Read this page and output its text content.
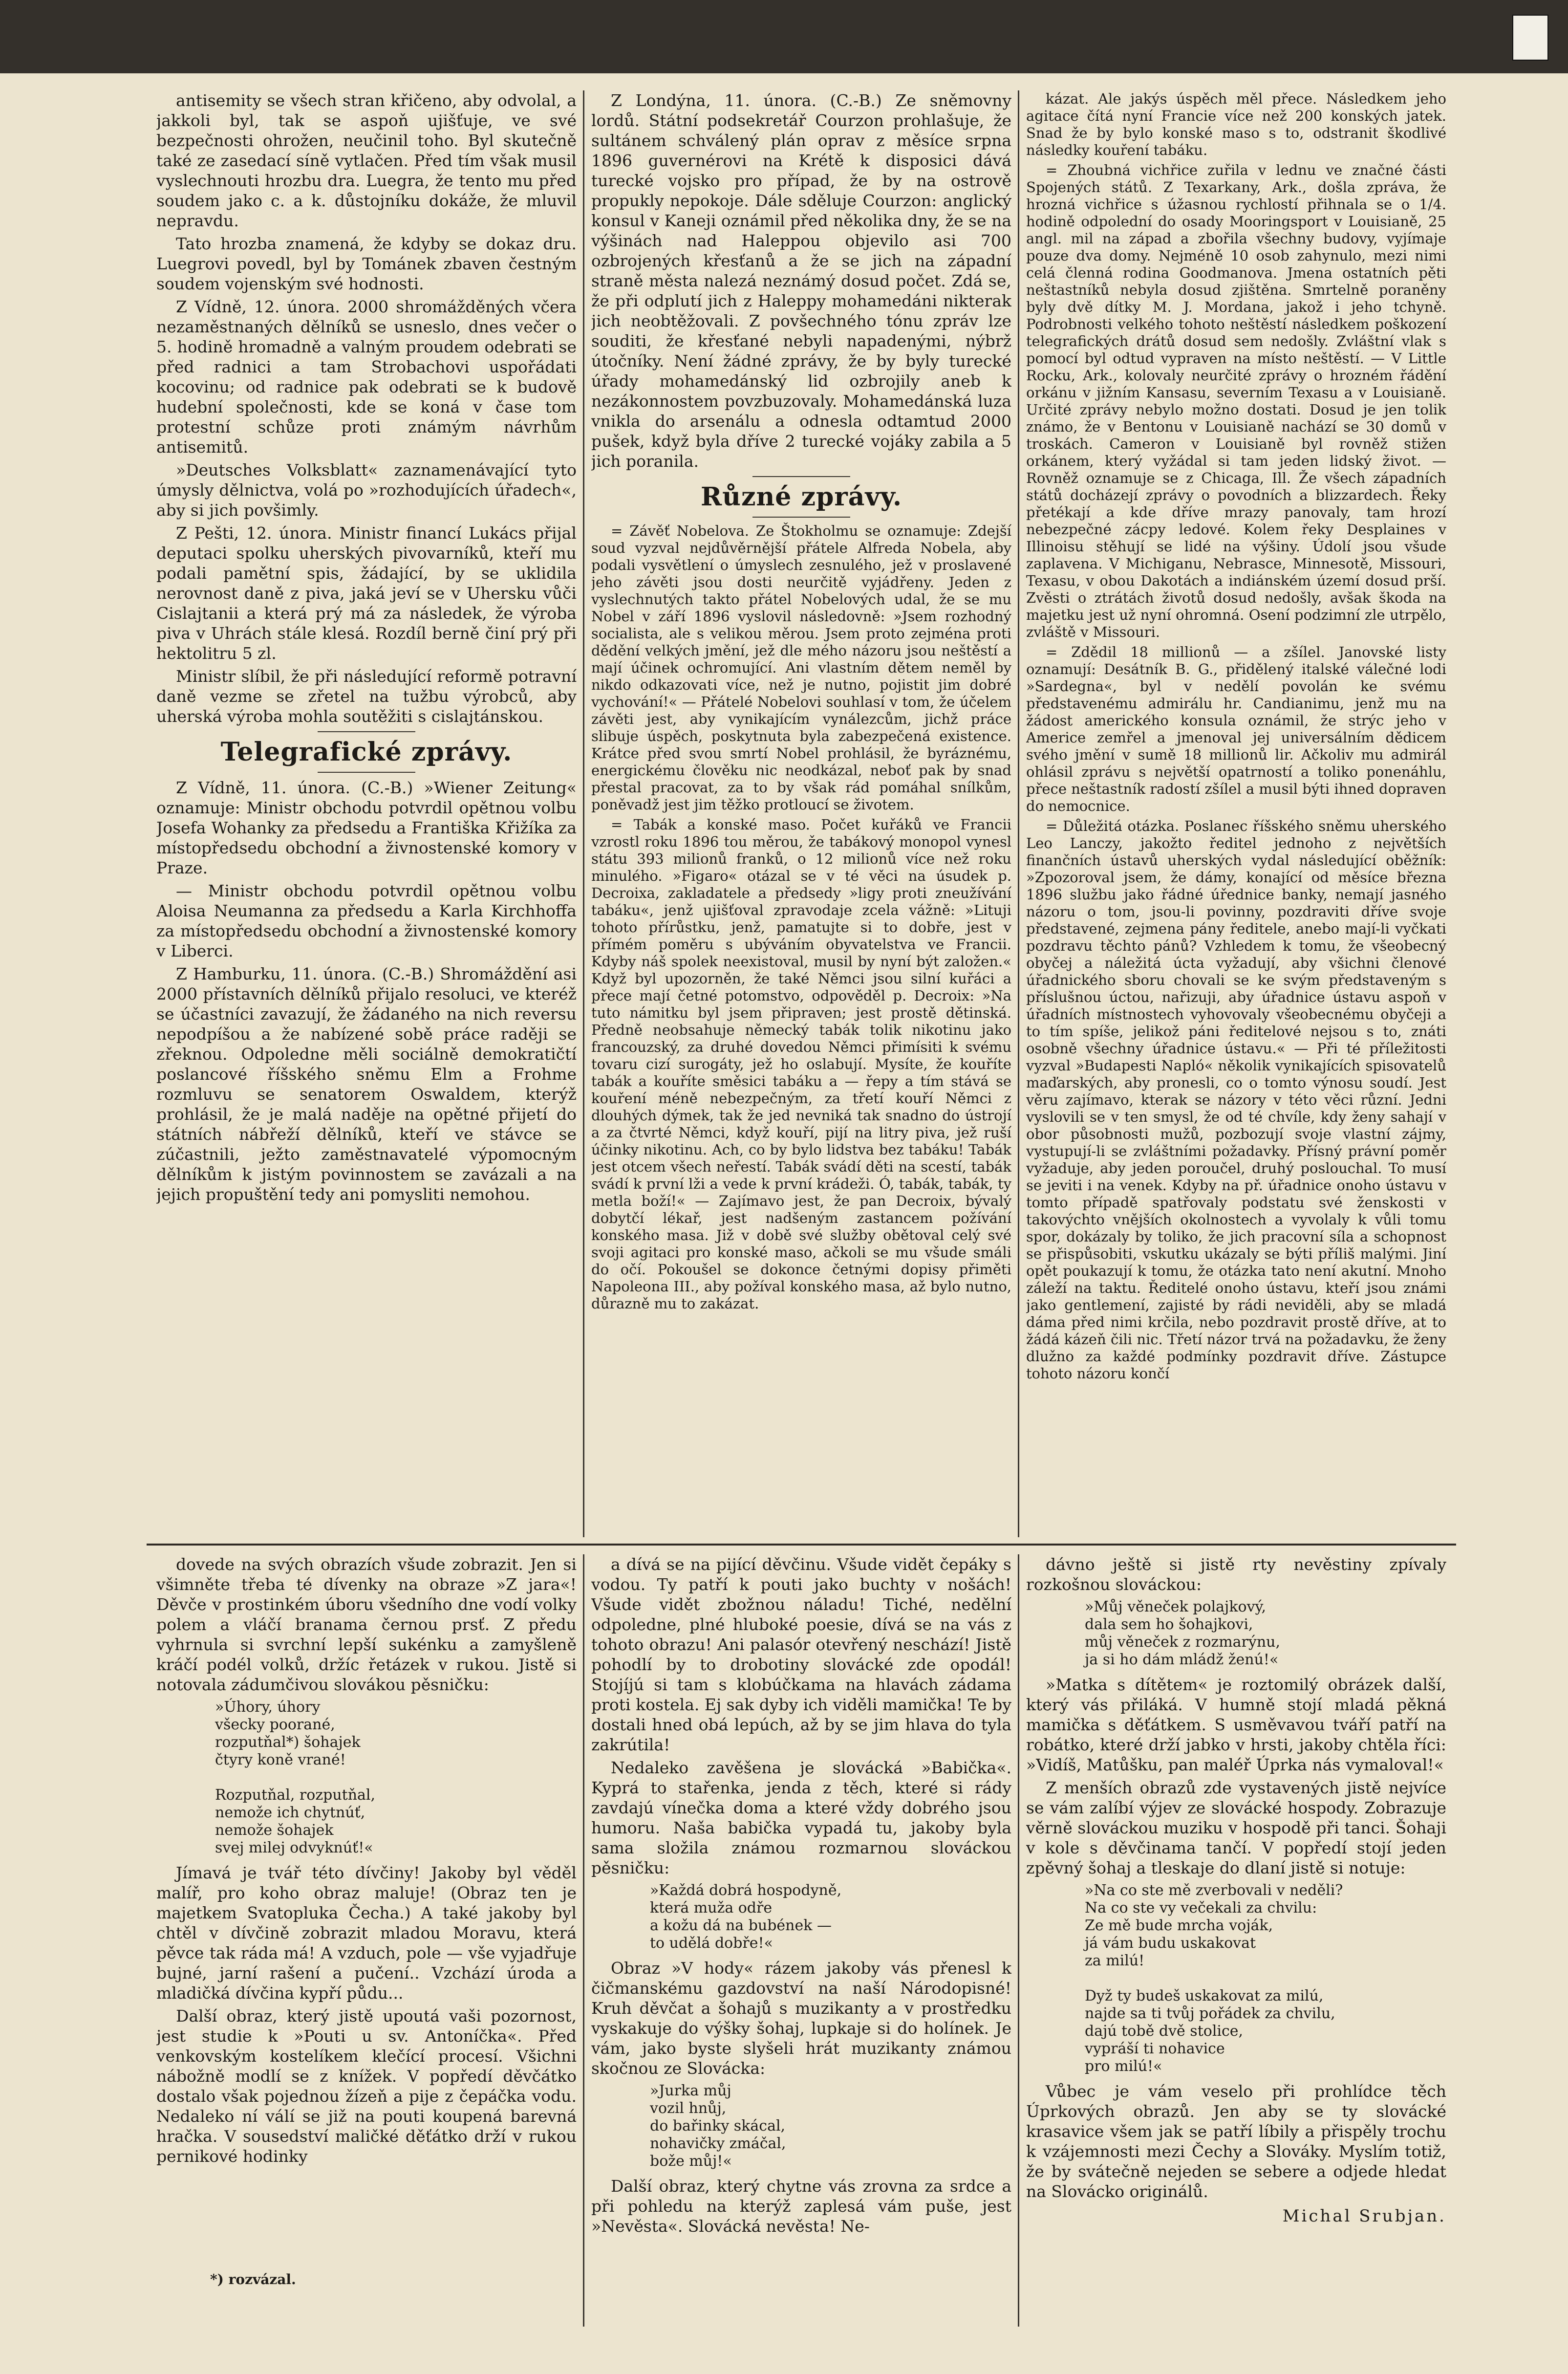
antisemity se všech stran křičeno, aby odvolal, a jakkoli byl, tak se aspoň ujišťuje, ve své bezpečnosti ohrožen, neučinil toho. Byl skutečně také ze zasedací síně vytlačen. Před tím však musil vyslechnouti hrozbu dra. Luegra, že tento mu před soudem jako c. a k. důstojníku dokáže, že mluvil nepravdu.

Tato hrozba znamená, že kdyby se dokaz dru. Luegrovi povedl, byl by Tománek zbaven čestným soudem vojenským své hodnosti.

Z Vídně, 12. února. 2000 shromážděných včera nezaměstnaných dělníků se usneslo, dnes večer o 5. hodině hromadně a valným proudem odebrati se před radnici a tam Strobachovi uspořádati kocovinu; od radnice pak odebrati se k budově hudební společnosti, kde se koná v čase tom protestní schůze proti známým návrhům antisemitů.

»Deutsches Volksblatt« zaznamenávající tyto úmysly dělnictva, volá po »rozhodujících úřadech«, aby si jich povšimly.

Z Pešti, 12. února. Ministr financí Lukács přijal deputaci spolku uherských pivovarníků, kteří mu podali pamětní spis, žádající, by se uklidila nerovnost daně z piva, jaká jeví se v Uhersku vůči Cislajtanii a která prý má za následek, že výroba piva v Uhrách stále klesá. Rozdíl berně činí prý při hektolitru 5 zl.

Ministr slíbil, že při následující reformě potravní daně vezme se zřetel na tužbu výrobců, aby uherská výroba mohla soutěžiti s cislajtánskou.

Telegrafické zprávy.

Z Vídně, 11. února. (C.-B.) »Wiener Zeitung« oznamuje: Ministr obchodu potvrdil opětnou volbu Josefa Wohanky za předsedu a Františka Křižíka za místopředsedu obchodní a živnostenské komory v Praze.

— Ministr obchodu potvrdil opětnou volbu Aloisa Neumanna za předsedu a Karla Kirchhoffa za místopředsedu obchodní a živnostenské komory v Liberci.

Z Hamburku, 11. února. (C.-B.) Shromáždění asi 2000 přístavních dělníků přijalo resoluci, ve kteréž se účastníci zavazují, že žádaného na nich reversu nepodpíšou a že nabízené sobě práce raději se zřeknou. Odpoledne měli sociálně demokratičtí poslancové říšského sněmu Elm a Frohme rozmluvu se senatorem Oswaldem, kterýž prohlásil, že je malá naděje na opětné přijetí do státních nábřeží dělníků, kteří ve stávce se zúčastnili, ježto zaměstnavatelé výpomocným dělníkům k jistým povinnostem se zavázali a na jejich propuštění tedy ani pomysliti nemohou.

Z Londýna, 11. února. (C.-B.) Ze sněmovny lordů. Státní podsekretář Courzon prohlašuje, že sultánem schválený plán oprav z měsíce srpna 1896 guvernérovi na Krétě k disposici dává turecké vojsko pro případ, že by na ostrově propukly nepokoje. Dále sděluje Courzon: anglický konsul v Kaneji oznámil před několika dny, že se na výšinách nad Haleppou objevilo asi 700 ozbrojených křesťanů a že se jich na západní straně města nalezá neznámý dosud počet. Zdá se, že při odplutí jich z Haleppy mohamedáni nikterak jich neobtěžovali. Z povšechného tónu zpráv lze souditi, že křesťané nebyli napadenými, nýbrž útočníky. Není žádné zprávy, že by byly turecké úřady mohamedánský lid ozbrojily aneb k nezákonnostem povzbuzovaly. Mohamedánská luza vnikla do arsenálu a odnesla odtamtud 2000 pušek, když byla dříve 2 turecké vojáky zabila a 5 jich poranila.

Různé zprávy.

= Závěť Nobelova. Ze Štokholmu se oznamuje: Zdejší soud vyzval nejdůvěrnější přátele Alfreda Nobela, aby podali vysvětlení o úmyslech zesnulého, jež v proslavené jeho závěti jsou dosti neurčitě vyjádřeny. Jeden z vyslechnutých takto přátel Nobelových udal, že se mu Nobel v září 1896 vyslovil následovně: »Jsem rozhodný socialista, ale s velikou měrou. Jsem proto zejména proti dědění velkých jmění, jež dle mého názoru jsou neštěstí a mají účinek ochromující. Ani vlastním dětem neměl by nikdo odkazovati více, než je nutno, pojistit jim dobré vychování!« — Přátelé Nobelovi souhlasí v tom, že účelem závěti jest, aby vynikajícím vynálezcům, jichž práce slibuje úspěch, poskytnuta byla zabezpečená existence. Krátce před svou smrtí Nobel prohlásil, že byráznému, energickému člověku nic neodkázal, neboť pak by snad přestal pracovat, za to by však rád pomáhal snílkům, poněvadž jest jim těžko protloucí se životem.

= Tabák a konské maso. Počet kuřáků ve Francii vzrostl roku 1896 tou měrou, že tabákový monopol vynesl státu 393 milionů franků, o 12 milionů více než roku minulého. »Figaro« otázal se v té věci na úsudek p. Decroixa, zakladatele a předsedy »ligy proti zneužívání tabáku«, jenž ujišťoval zpravodaje zcela vážně: »Lituji tohoto přírůstku, jenž, pamatujte si to dobře, jest v přímém poměru s ubýváním obyvatelstva ve Francii. Kdyby náš spolek neexistoval, musil by nyní být založen.« Když byl upozorněn, že také Němci jsou silní kuřáci a přece mají četné potomstvo, odpověděl p. Decroix: »Na tuto námitku byl jsem připraven; jest prostě dětinská. Předně neobsahuje německý tabák tolik nikotinu jako francouzský, za druhé dovedou Němci přimísiti k svému tovaru cizí surogáty, jež ho oslabují. Mysíte, že kouříte tabák a kouříte směsici tabáku a — řepy a tím stává se kouření méně nebezpečným, za třetí kouří Němci z dlouhých dýmek, tak že jed nevniká tak snadno do ústrojí a za čtvrté Němci, když kouří, pijí na litry piva, jež ruší účinky nikotinu. Ach, co by bylo lidstva bez tabáku! Tabák jest otcem všech neřestí. Tabák svádí děti na scestí, tabák svádí k první lži a vede k první krádeži. Ó, tabák, tabák, ty metla boží!« — Zajímavo jest, že pan Decroix, bývalý dobytčí lékař, jest nadšeným zastancem požívání konského masa. Již v době své služby obětoval celý své svoji agitaci pro konské maso, ačkoli se mu všude smáli do očí. Pokoušel se dokonce četnými dopisy přiměti Napoleona III., aby požíval konského masa, až bylo nutno, důrazně mu to zakázat.

kázat. Ale jakýs úspěch měl přece. Následkem jeho agitace čítá nyní Francie více než 200 konských jatek. Snad že by bylo konské maso s to, odstranit škodlivé následky kouření tabáku.

= Zhoubná vichřice zuřila v lednu ve značné části Spojených států. Z Texarkany, Ark., došla zpráva, že hrozná vichřice s úžasnou rychlostí přihnala se o 1/4. hodině odpolední do osady Mooringsport v Louisianě, 25 angl. mil na západ a zbořila všechny budovy, vyjímaje pouze dva domy. Nejméně 10 osob zahynulo, mezi nimi celá členná rodina Goodmanova. Jmena ostatních pěti neštastníků nebyla dosud zjištěna. Smrtelně poraněny byly dvě dítky M. J. Mordana, jakož i jeho tchyně. Podrobnosti velkého tohoto neštěstí následkem poškození telegrafických drátů dosud sem nedošly. Zvláštní vlak s pomocí byl odtud vypraven na místo neštěstí. — V Little Rocku, Ark., kolovaly neurčité zprávy o hrozném řádění orkánu v jižním Kansasu, severním Texasu a v Louisianě. Určité zprávy nebylo možno dostati. Dosud je jen tolik známo, že v Bentonu v Louisianě nachází se 30 domů v troskách. Cameron v Louisianě byl rovněž stižen orkánem, který vyžádal si tam jeden lidský život. — Rovněž oznamuje se z Chicaga, Ill. Že všech západních států docházejí zprávy o povodních a blizzardech. Řeky přetékají a kde dříve mrazy panovaly, tam hrozí nebezpečné zácpy ledové. Kolem řeky Desplaines v Illinoisu stěhují se lidé na výšiny. Údolí jsou všude zaplavena. V Michiganu, Nebrasce, Minnesotě, Missouri, Texasu, v obou Dakotách a indiánském území dosud prší. Zvěsti o ztrátách životů dosud nedošly, avšak škoda na majetku jest už nyní ohromná. Osení podzimní zle utrpělo, zvláště v Missouri.

= Zdědil 18 millionů — a zšílel. Janovské listy oznamují: Desátník B. G., přidělený italské válečné lodi »Sardegna«, byl v nedělí povolán ke svému představenému admirálu hr. Candianimu, jenž mu na žádost amerického konsula oznámil, že strýc jeho v Americe zemřel a jmenoval jej universálním dědicem svého jmění v sumě 18 millionů lir. Ačkoliv mu admirál ohlásil zprávu s největší opatrností a toliko ponenáhlu, přece neštastník radostí zšílel a musil býti ihned dopraven do nemocnice.

= Důležitá otázka. Poslanec říšského sněmu uherského Leo Lanczy, jakožto ředitel jednoho z největších finančních ústavů uherských vydal následující oběžník: »Zpozoroval jsem, že dámy, konající od měsíce března 1896 službu jako řádné úřednice banky, nemají jasného názoru o tom, jsou-li povinny, pozdraviti dříve svoje představené, zejmena pány ředitele, anebo mají-li vyčkati pozdravu těchto pánů? Vzhledem k tomu, že všeobecný obyčej a náležitá úcta vyžadují, aby všichni členové úřadnického sboru chovali se ke svým představeným s příslušnou úctou, nařizuji, aby úřadnice ústavu aspoň v úřadních místnostech vyhovovaly všeobecnému obyčeji a to tím spíše, jelikož páni ředitelové nejsou s to, znáti osobně všechny úřadnice ústavu.« — Při té příležitosti vyzval »Budapesti Napló« několik vynikajících spisovatelů maďarských, aby pronesli, co o tomto výnosu soudí. Jest věru zajímavo, kterak se názory v této věci různí. Jedni vyslovili se v ten smysl, že od té chvíle, kdy ženy sahají v obor působnosti mužů, pozbozují svoje vlastní zájmy, vystupují-li se zvláštními požadavky. Přísný právní poměr vyžaduje, aby jeden poroučel, druhý poslouchal. To musí se jeviti i na venek. Kdyby na př. úřadnice onoho ústavu v tomto případě spatřovaly podstatu své ženskosti v takovýchto vnějších okolnostech a vyvolaly k vůli tomu spor, dokázaly by tolikо, že jich pracovní síla a schopnost se přispůsobiti, vskutku ukázaly se býti příliš malými. Jiní opět poukazují k tomu, že otázka tato není akutní. Mnoho záleží na taktu. Ředitelé onoho ústavu, kteří jsou známi jako gentlemení, zajisté by rádi neviděli, aby se mladá dáma před nimi krčila, nebo pozdravit prostě dříve, at to žádá kázeň čili nic. Třetí názor trvá na požadavku, že ženy dlužno za každé podmínky pozdravit dříve. Zástupce tohoto názoru končí

dovede na svých obrazích všude zobrazit. Jen si všimněte třeba té dívenky na obraze »Z jara«! Děvče v prostinkém úboru všedního dne vodí volky polem a vláčí branama černou prsť. Z předu vyhrnula si svrchní lepší sukénku a zamyšleně kráčí podél volků, držíc řetázek v rukou. Jistě si notovala zádumčivou slovákou pěsničku:

»Úhory, úhory
všecky poorané,
rozputňal*) šohajek
čtyry koně vrané!

Rozputňal, rozputňal,
nemože ich chytnúť,
nemože šohajek
svej milej odvyknúť!«

Jímavá je tvář této dívčiny! Jakoby byl věděl malíř, pro koho obraz maluje! (Obraz ten je majetkem Svatopluka Čecha.) A také jakoby byl chtěl v dívčině zobrazit mladou Moravu, která pěvce tak ráda má! A vzduch, pole — vše vyjadřuje bujné, jarní rašení a pučení.. Vzchází úroda a mladičká dívčina kypří půdu...

Další obraz, který jistě upoutá vaši pozornost, jest studie k »Pouti u sv. Antoníčka«. Před venkovským kostelíkem klečící procesí. Všichni nábožně modlí se z knížek. V popředí děvčátko dostalo však pojednou žízeň a pije z čepáčka vodu. Nedaleko ní válí se již na pouti koupená barevná hračka. V sousedství maličké děťátko drží v rukou pernikové hodinky

*) rozvázal.

a dívá se na pijící děvčinu. Všude vidět čepáky s vodou. Ty patří k pouti jako buchty v nošách! Všude vidět zbožnou náladu! Tiché, nedělní odpoledne, plné hluboké poesie, dívá se na vás z tohoto obrazu! Ani palasór otevřený neschází! Jistě pohodlí by to drobotiny slovácké zde opodál! Stojíjú si tam s klobúčkama na hlavách zádama proti kostela. Ej sak dyby ich viděli mamička! Te by dostali hned obá lepúch, až by se jim hlava do tyla zakrútila!

Nedaleko zavěšena je slovácká »Babička«. Kyprá to stařenka, jenda z těch, které si rády zavdajú vínečka doma a které vždy dobrého jsou humoru. Naša babička vypadá tu, jakoby byla sama složila známou rozmarnou slováckou pěsničku:

»Každá dobrá hospodyně,
která muža odře
a kožu dá na bubének —
to udělá dobře!«

Obraz »V hody« rázem jakoby vás přenesl k čičmanskému gazdovství na naší Národopisné! Kruh děvčat a šohajů s muzikanty a v prostředku vyskakuje do výšky šohaj, lupkaje si do holínek. Je vám, jako byste slyšeli hrát muzikanty známou skočnou ze Slovácka:

»Jurka můj
vozil hnůj,
do bařinky skácal,
nohavičky zmáčal,
bože můj!«

Další obraz, který chytne vás zrovna za srdce a při pohledu na kterýž zaplesá vám puše, jest »Nevěsta«. Slovácká nevěsta! Ne-

dávno ještě si jistě rty nevěstiny zpívaly rozkošnou slováckou:

»Můj věneček polajkový,
dala sem ho šohajkovi,
můj věneček z rozmarýnu,
ja si ho dám mládž ženú!«

»Matka s dítětem« je roztomilý obrázek další, který vás přiláká. V humně stojí mladá pěkná mamička s děťátkem. S usměvavou tváří patří na robátko, které drží jabko v hrsti, jakoby chtěla říci: »Vidíš, Matůšku, pan maléř Úprka nás vymaloval!«

Z menších obrazů zde vystavených jistě nejvíce se vám zalíbí výjev ze slovácké hospody. Zobrazuje věrně slováckou muziku v hospodě při tanci. Šohaji v kole s děvčinama tančí. V popředí stojí jeden zpěvný šohaj a tleskaje do dlaní jistě si notuje:

»Na co ste mě zverbovali v neděli?
Na co ste vy večekali za chvilu:
Ze mě bude mrcha voják,
já vám budu uskakovat
za milú!

Dyž ty budeš uskakovat za milú,
najde sa ti tvůj pořádek za chvilu,
dajú tobě dvě stolice,
vypráší ti nohavice
pro milú!«

Vůbec je vám veselo při prohlídce těch Úprkových obrazů. Jen aby se ty slovácké krasavice všem jak se patří líbily a přispěly trochu k vzájemnosti mezi Čechy a Slováky. Myslím totiž, že by svátečně nejeden se sebere a odjede hledat na Slovácko originálů.

Michal Srubjan.
